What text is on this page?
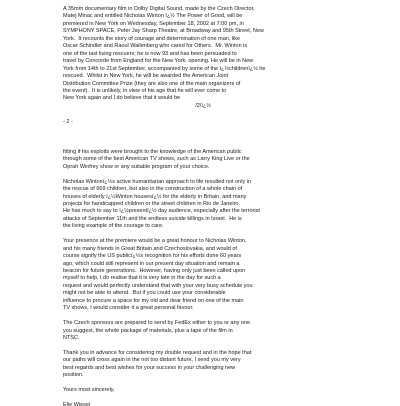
A 35mm documentary film in Dolby Digital Sound, made by the Czech Director,
Matej Minac and entitled Nicholas Winton ï¿½ The Power of Good, will be
premiered in New York on Wednesday, September 18, 2002 at 7:00 pm, in
SYMPHONY SPACE, Peter Jay Sharp Theatre, at Broadway and 95th Street, New
York.  It recounts the story of courage and determination of one man, like
Oscar Schindler and Raoul Wallenberg who cared for Others.  Mr. Winton is
one of the last living rescuers; he is now 93 and has been persuaded to
travel by Concorde from England for the New York. opening. He will be in New
York from 14th to 21st September, accompanied by some of the ï¿½childrenï¿½ he
rescued.  Whilst in New York, he will be awarded the American Joint
Distribution Committee Prize (they are also one of the main organizers of
the event).  It is unlikely, in view of his age that he will ever come to
New York again and I do believe that it would be
/2/ï¿½
- 2 -
fitting if his exploits were brought to the knowledge of the American public
through some of the best American TV shows, such as Larry King Live or the
Oprah Winfrey show or any suitable program of your choice.
Nicholas Wintonï¿½s active humanitarian approach to life resulted not only in
the rescue of 669 children, but also in the construction of a whole chain of
houses of elderly ï¿½Winton housesï¿½ for the elderly in Britain, and many
projects for handicapped children or the street children in Rio de Janeiro.
He has much to say to ï¿½presentï¿½ day audience, especially after the terrorist
attacks of September 11th and the endless suicide killings in Israel.  He is
the living example of the courage to care.
Your presence at the premiere would be a great honour to Nicholas Winton,
and his many friends in Great Britain and Czechoslovakia, and would of
course signify the US publicï¿½s recognition for his efforts done 60 years
ago, which could still represent in our present day situation and remain a
beacon for future generations.  However, having only just been called upon
myself to help, I do realise that it is very late in the day for such a
request and would perfectly understand that with your very busy schedule you
might not be able to attend.  But if you could use your considerable
influence to procure a space for my old and dear friend on one of the main
TV shows, I would consider it a great personal favour.
The Czech sponsors are prepared to send by FedEx either to you or any one
you suggest, the whole package of materials, plus a tape of the film in
NTSC.
Thank you in advance for considering my double request and in the hope that
our paths will cross again in the not too distant future, I send you my very
best regards and best wishes for your success in your challenging new
position.
Yours most sincerely,
Elie Wiesel
